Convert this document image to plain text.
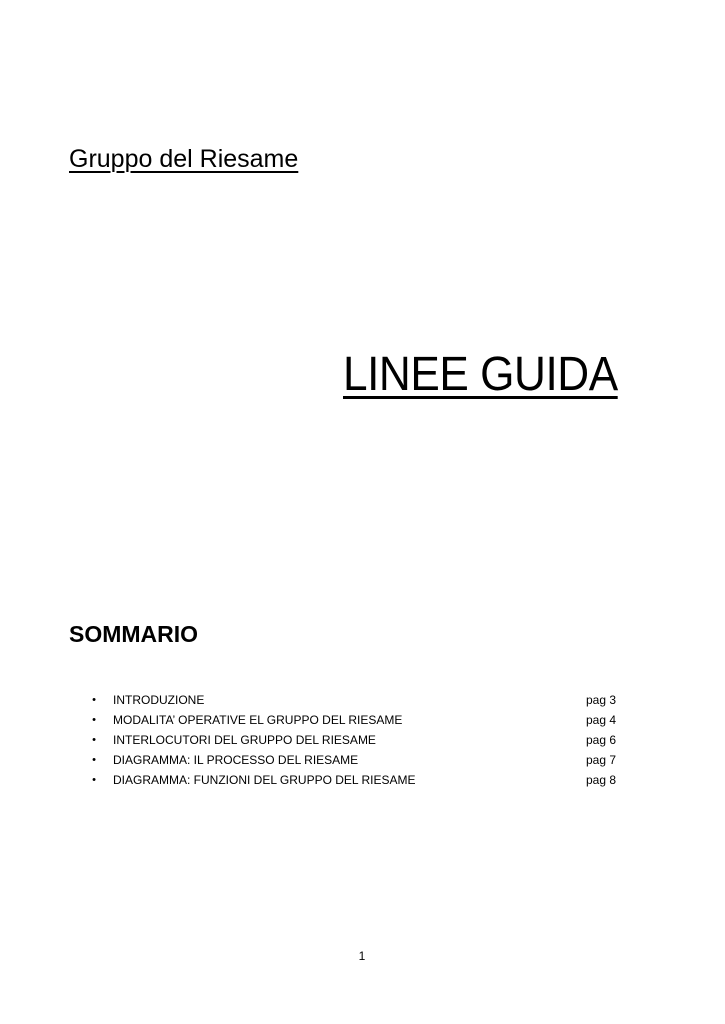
Gruppo del Riesame
LINEE GUIDA
SOMMARIO
•	INTRODUZIONE	pag 3
•	MODALITA’ OPERATIVE EL GRUPPO DEL RIESAME	pag 4
•	INTERLOCUTORI DEL GRUPPO DEL RIESAME	pag 6
•	DIAGRAMMA: IL PROCESSO DEL RIESAME	pag 7
•	DIAGRAMMA: FUNZIONI DEL GRUPPO DEL RIESAME	pag 8
1
